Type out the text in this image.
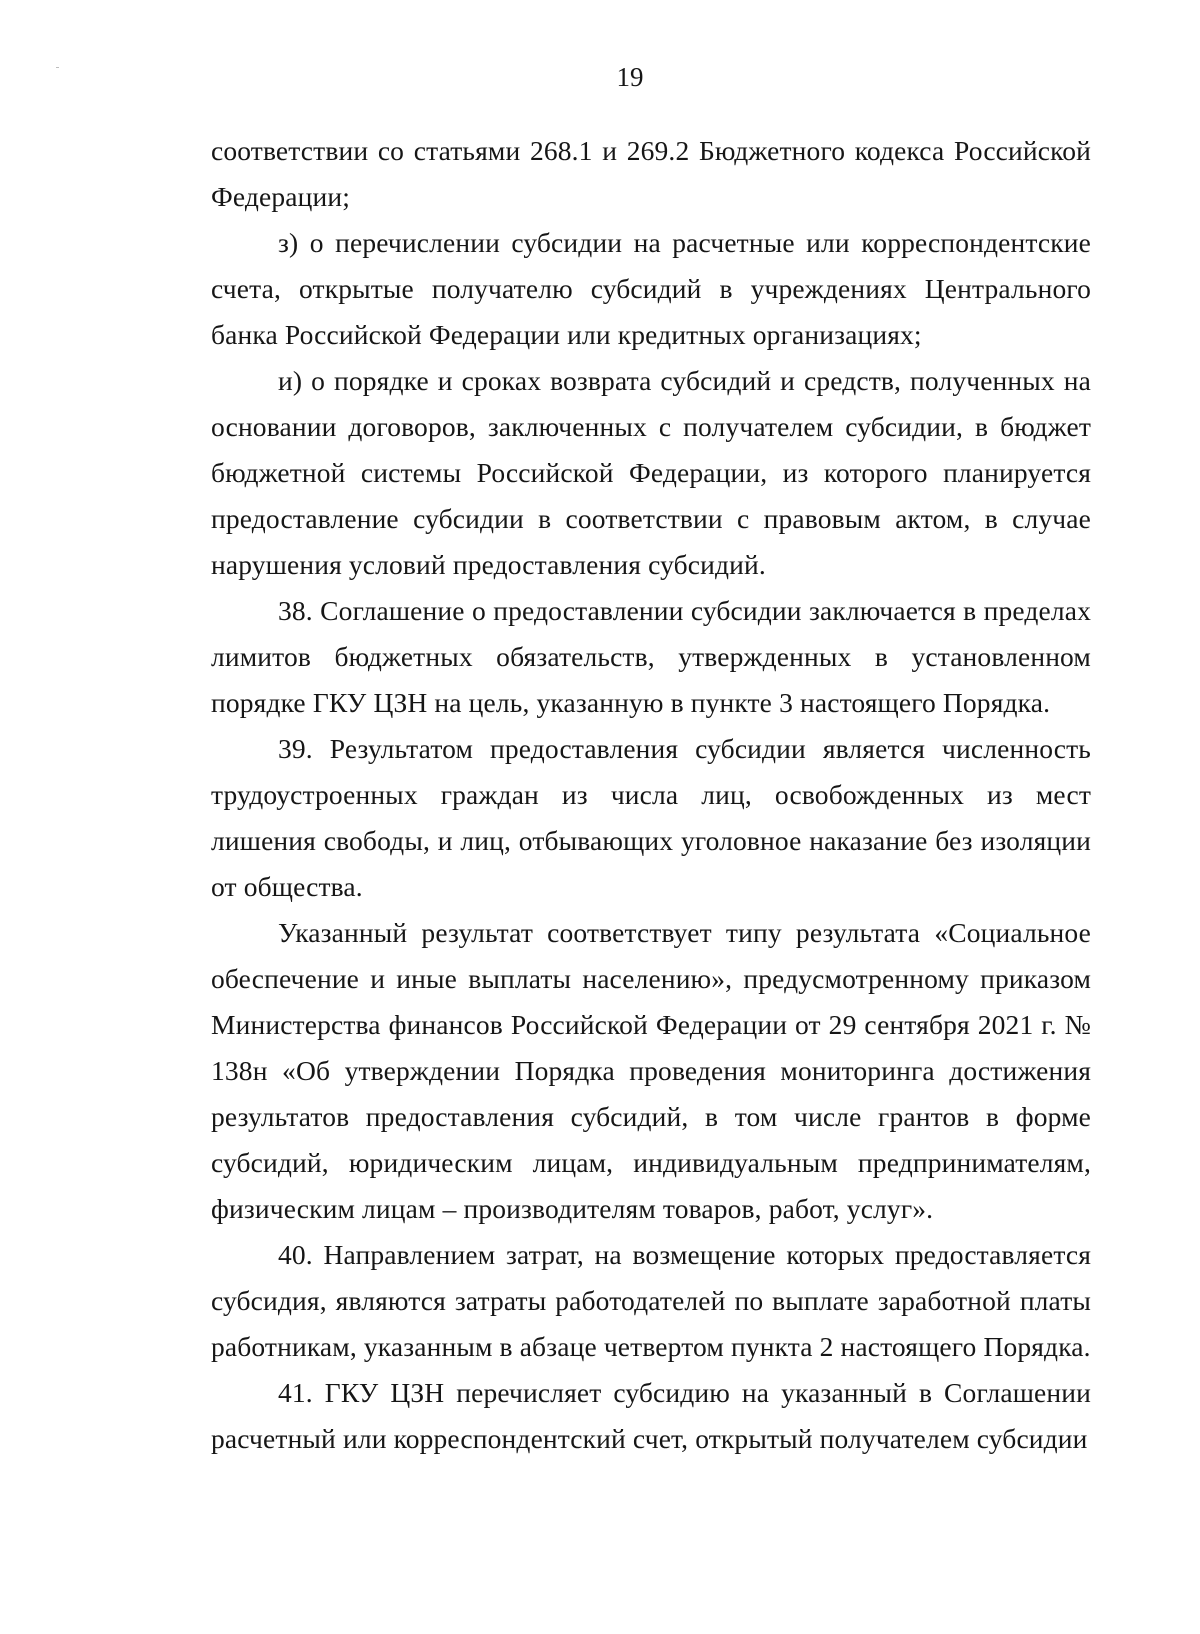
19

соответствии со статьями 268.1 и 269.2 Бюджетного кодекса Российской Федерации;

з) о перечислении субсидии на расчетные или корреспондентские счета, открытые получателю субсидий в учреждениях Центрального банка Российской Федерации или кредитных организациях;

и) о порядке и сроках возврата субсидий и средств, полученных на основании договоров, заключенных с получателем субсидии, в бюджет бюджетной системы Российской Федерации, из которого планируется предоставление субсидии в соответствии с правовым актом, в случае нарушения условий предоставления субсидий.

38. Соглашение о предоставлении субсидии заключается в пределах лимитов бюджетных обязательств, утвержденных в установленном порядке ГКУ ЦЗН на цель, указанную в пункте 3 настоящего Порядка.

39. Результатом предоставления субсидии является численность трудоустроенных граждан из числа лиц, освобожденных из мест лишения свободы, и лиц, отбывающих уголовное наказание без изоляции от общества.

Указанный результат соответствует типу результата «Социальное обеспечение и иные выплаты населению», предусмотренному приказом Министерства финансов Российской Федерации от 29 сентября 2021 г. № 138н «Об утверждении Порядка проведения мониторинга достижения результатов предоставления субсидий, в том числе грантов в форме субсидий, юридическим лицам, индивидуальным предпринимателям, физическим лицам – производителям товаров, работ, услуг».

40. Направлением затрат, на возмещение которых предоставляется субсидия, являются затраты работодателей по выплате заработной платы работникам, указанным в абзаце четвертом пункта 2 настоящего Порядка.

41. ГКУ ЦЗН перечисляет субсидию на указанный в Соглашении расчетный или корреспондентский счет, открытый получателем субсидии
